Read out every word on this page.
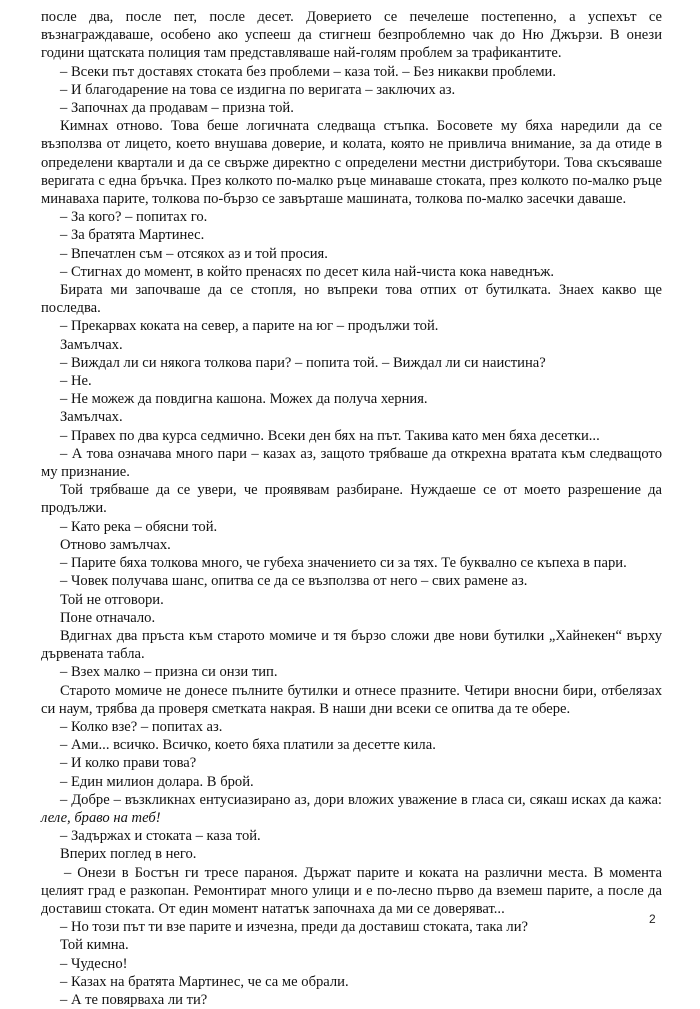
после два, после пет, после десет. Доверието се печелеше постепенно, а успехът се възнаграждаваше, особено ако успееш да стигнеш безпроблемно чак до Ню Джързи. В онези години щатската полиция там представляваше най-голям проблем за трафикантите.

– Всеки път доставях стоката без проблеми – каза той. – Без никакви проблеми.

– И благодарение на това се издигна по веригата – заключих аз.

– Започнах да продавам – призна той.

Кимнах отново. Това беше логичната следваща стъпка. Босовете му бяха наредили да се възползва от лицето, което внушава доверие, и колата, която не привлича внимание, за да отиде в определени квартали и да се свърже директно с определени местни дистрибутори. Това скъсяваше веригата с една бръчка. През колкото по-малко ръце минаваше стоката, през колкото по-малко ръце минаваха парите, толкова по-бързо се завърташе машината, толкова по-малко засечки даваше.

– За кого? – попитах го.

– За братята Мартинес.

– Впечатлен съм – отсякох аз и той просия.

– Стигнах до момент, в който пренасях по десет кила най-чиста кока наведнъж.

Бирата ми започваше да се стопля, но въпреки това отпих от бутилката. Знаех какво ще последва.

– Прекарвах коката на север, а парите на юг – продължи той.

Замълчах.

– Виждал ли си някога толкова пари? – попита той. – Виждал ли си наистина?

– Не.

– Не можеж да повдигна кашона. Можех да получа херния.

Замълчах.

– Правех по два курса седмично. Всеки ден бях на път. Такива като мен бяха десетки...

– А това означава много пари – казах аз, защото трябваше да открехна вратата към следващото му признание.

Той трябваше да се увери, че проявявам разбиране. Нуждаеше се от моето разрешение да продължи.

– Като река – обясни той.

Отново замълчах.

– Парите бяха толкова много, че губеха значението си за тях. Те буквално се къпеха в пари.

– Човек получава шанс, опитва се да се възползва от него – свих рамене аз.

Той не отговори.

Поне отначало.

Вдигнах два пръста към старото момиче и тя бързо сложи две нови бутилки „Хайнекен“ върху дървената табла.

– Взех малко – призна си онзи тип.

Старото момиче не донесе пълните бутилки и отнесе празните. Четири вносни бири, отбелязах си наум, трябва да проверя сметката накрая. В наши дни всеки се опитва да те обере.

– Колко взе? – попитах аз.

– Ами... всичко. Всичко, което бяха платили за десетте кила.

– И колко прави това?

– Един милион долара. В брой.

– Добре – възкликнах ентусиазирано аз, дори вложих уважение в гласа си, сякаш исках да кажа: леле, браво на теб!

– Задържах и стоката – каза той.

Вперих поглед в него.

– Онези в Бостън ги тресе параноя. Държат парите и коката на различни места. В момента целият град е разкопан. Ремонтират много улици и е по-лесно първо да вземеш парите, а после да доставиш стоката. От един момент нататък започнаха да ми се доверяват...

– Но този път ти взе парите и изчезна, преди да доставиш стоката, така ли?

Той кимна.

– Чудесно!

– Казах на братята Мартинес, че са ме обрали.

– А те повярваха ли ти?

2
